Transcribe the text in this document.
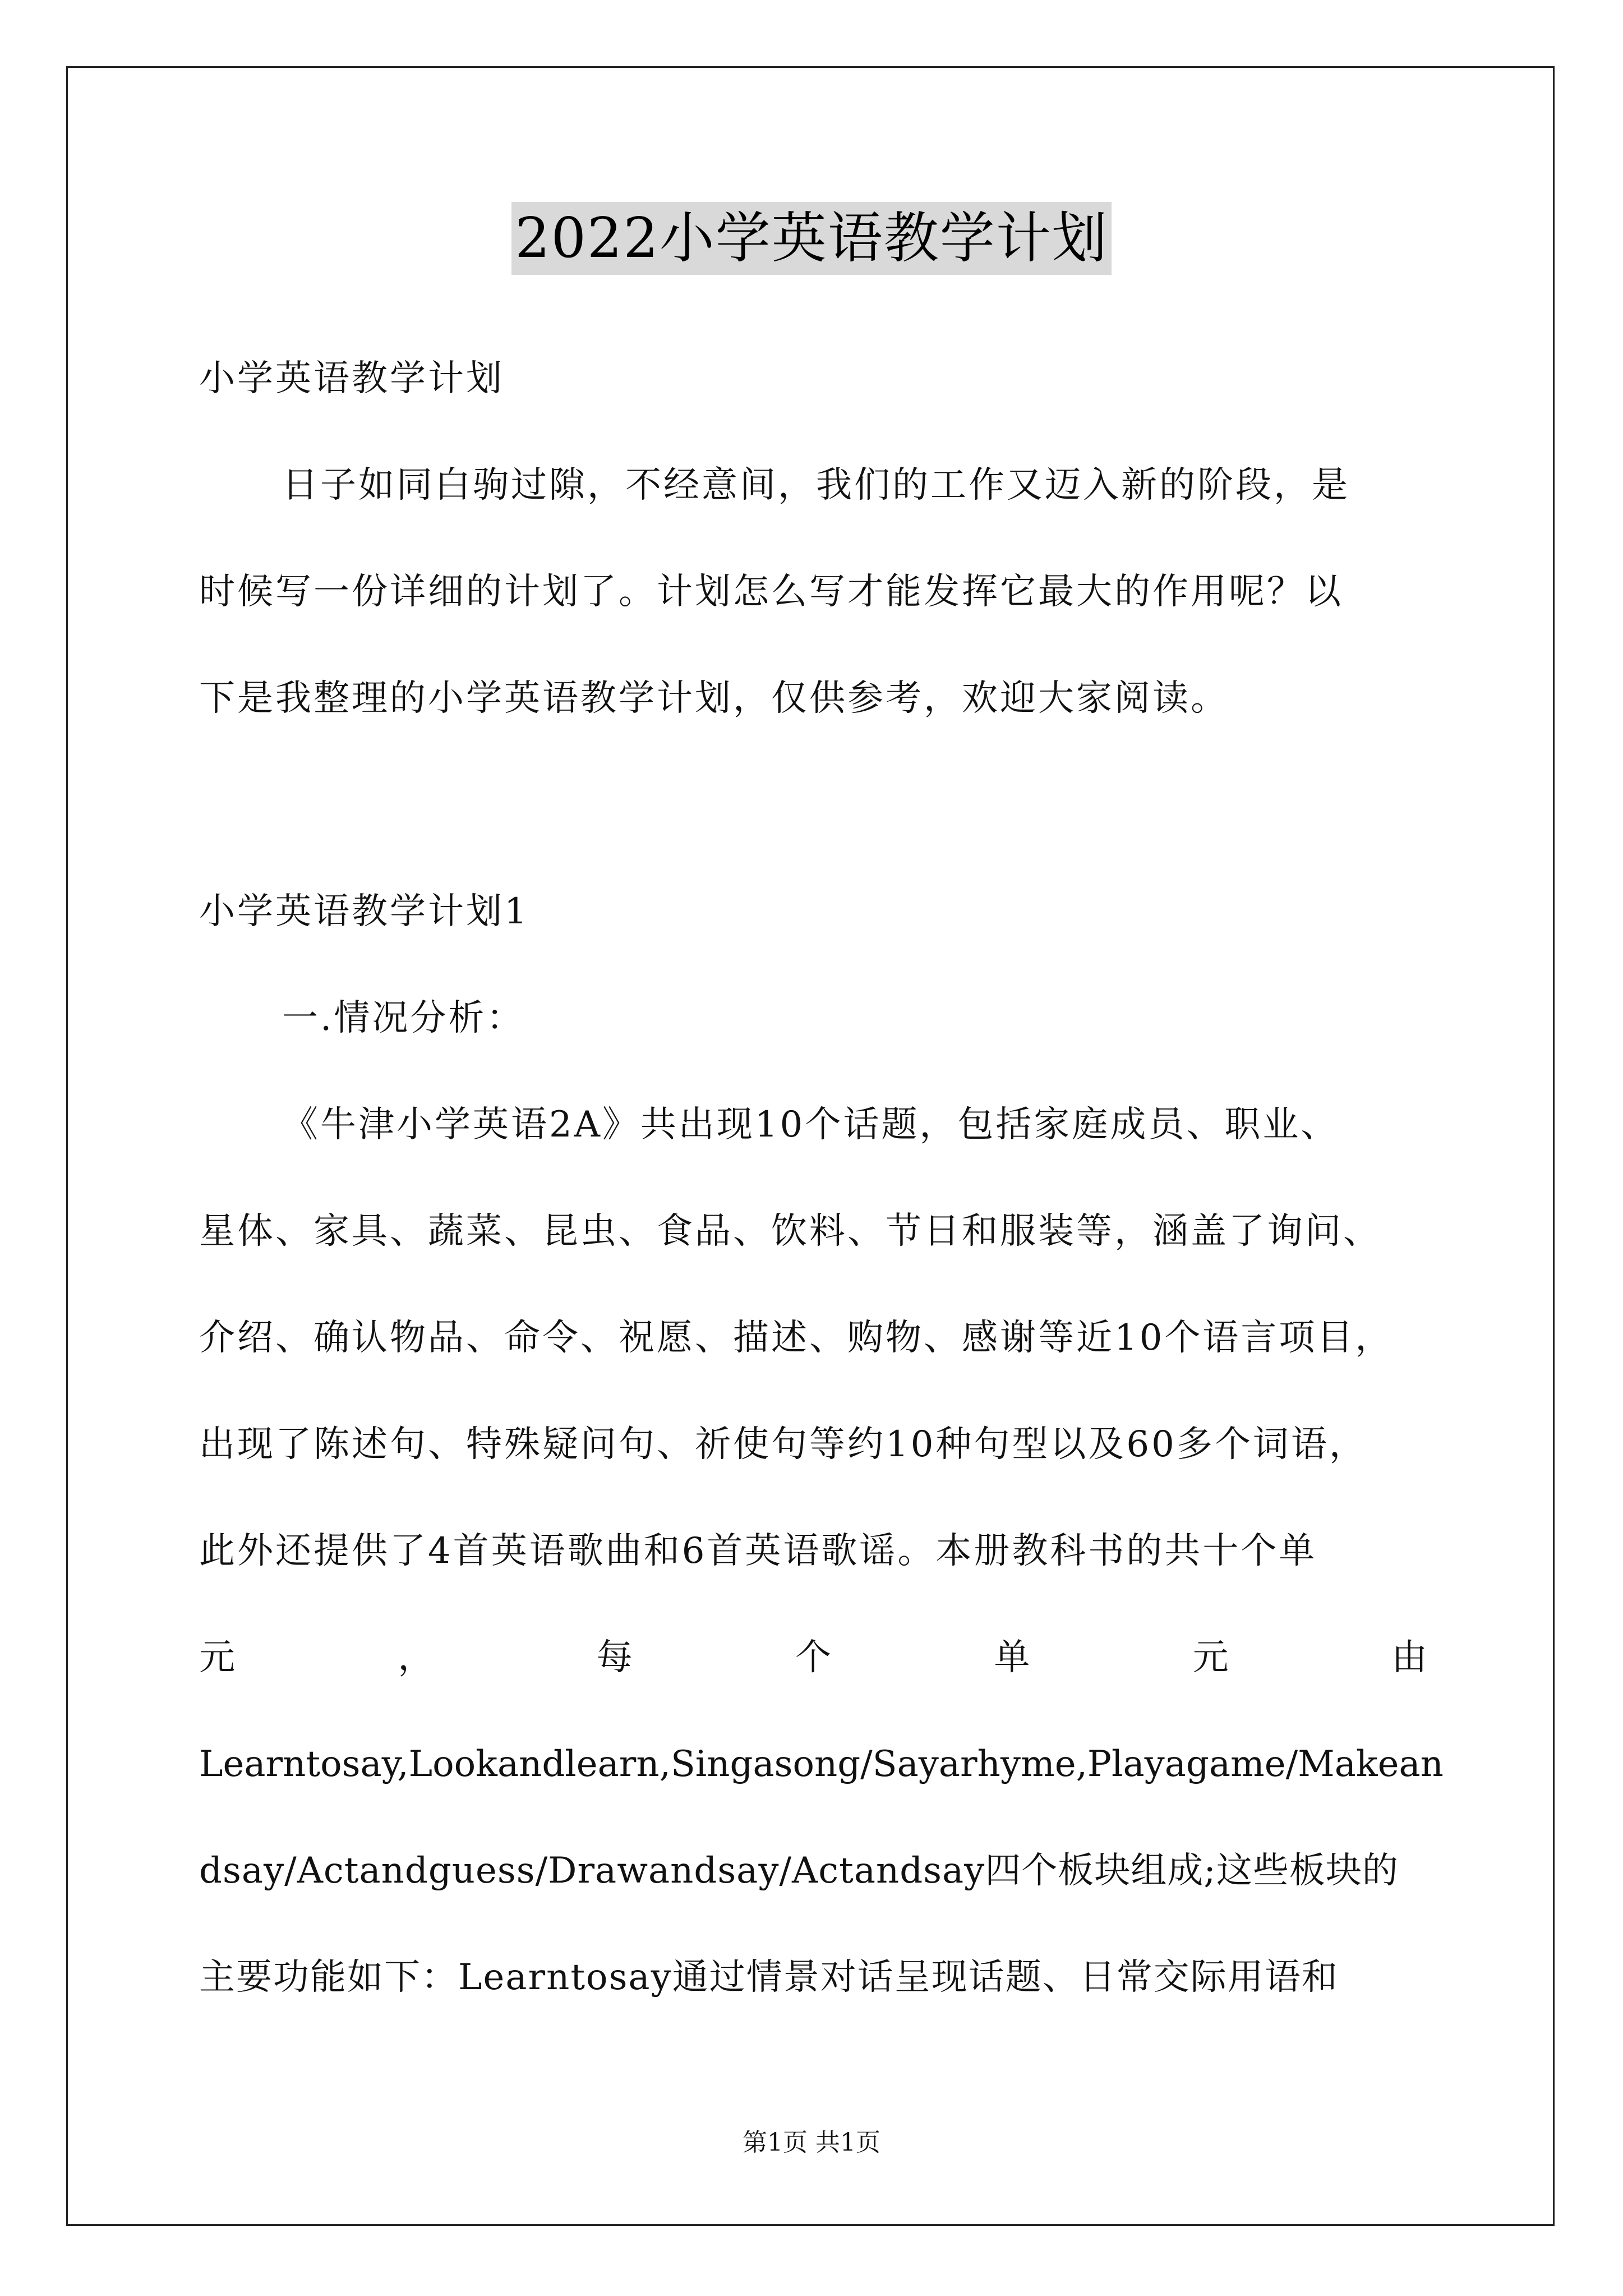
2022小学英语教学计划
小学英语教学计划
日子如同白驹过隙，不经意间，我们的工作又迈入新的阶段，是
时候写一份详细的计划了。计划怎么写才能发挥它最大的作用呢？以
下是我整理的小学英语教学计划，仅供参考，欢迎大家阅读。
小学英语教学计划1
一.情况分析：
《牛津小学英语2A》共出现10个话题，包括家庭成员、职业、
星体、家具、蔬菜、昆虫、食品、饮料、节日和服装等，涵盖了询问、
介绍、确认物品、命令、祝愿、描述、购物、感谢等近10个语言项目，
出现了陈述句、特殊疑问句、祈使句等约10种句型以及60多个词语，
此外还提供了4首英语歌曲和6首英语歌谣。本册教科书的共十个单
元	，	每	个	单	元	由
Learntosay,Lookandlearn,Singasong/Sayarhyme,Playagame/Makean
dsay/Actandguess/Drawandsay/Actandsay四个板块组成;这些板块的
主要功能如下：Learntosay通过情景对话呈现话题、日常交际用语和
第1页 共1页
